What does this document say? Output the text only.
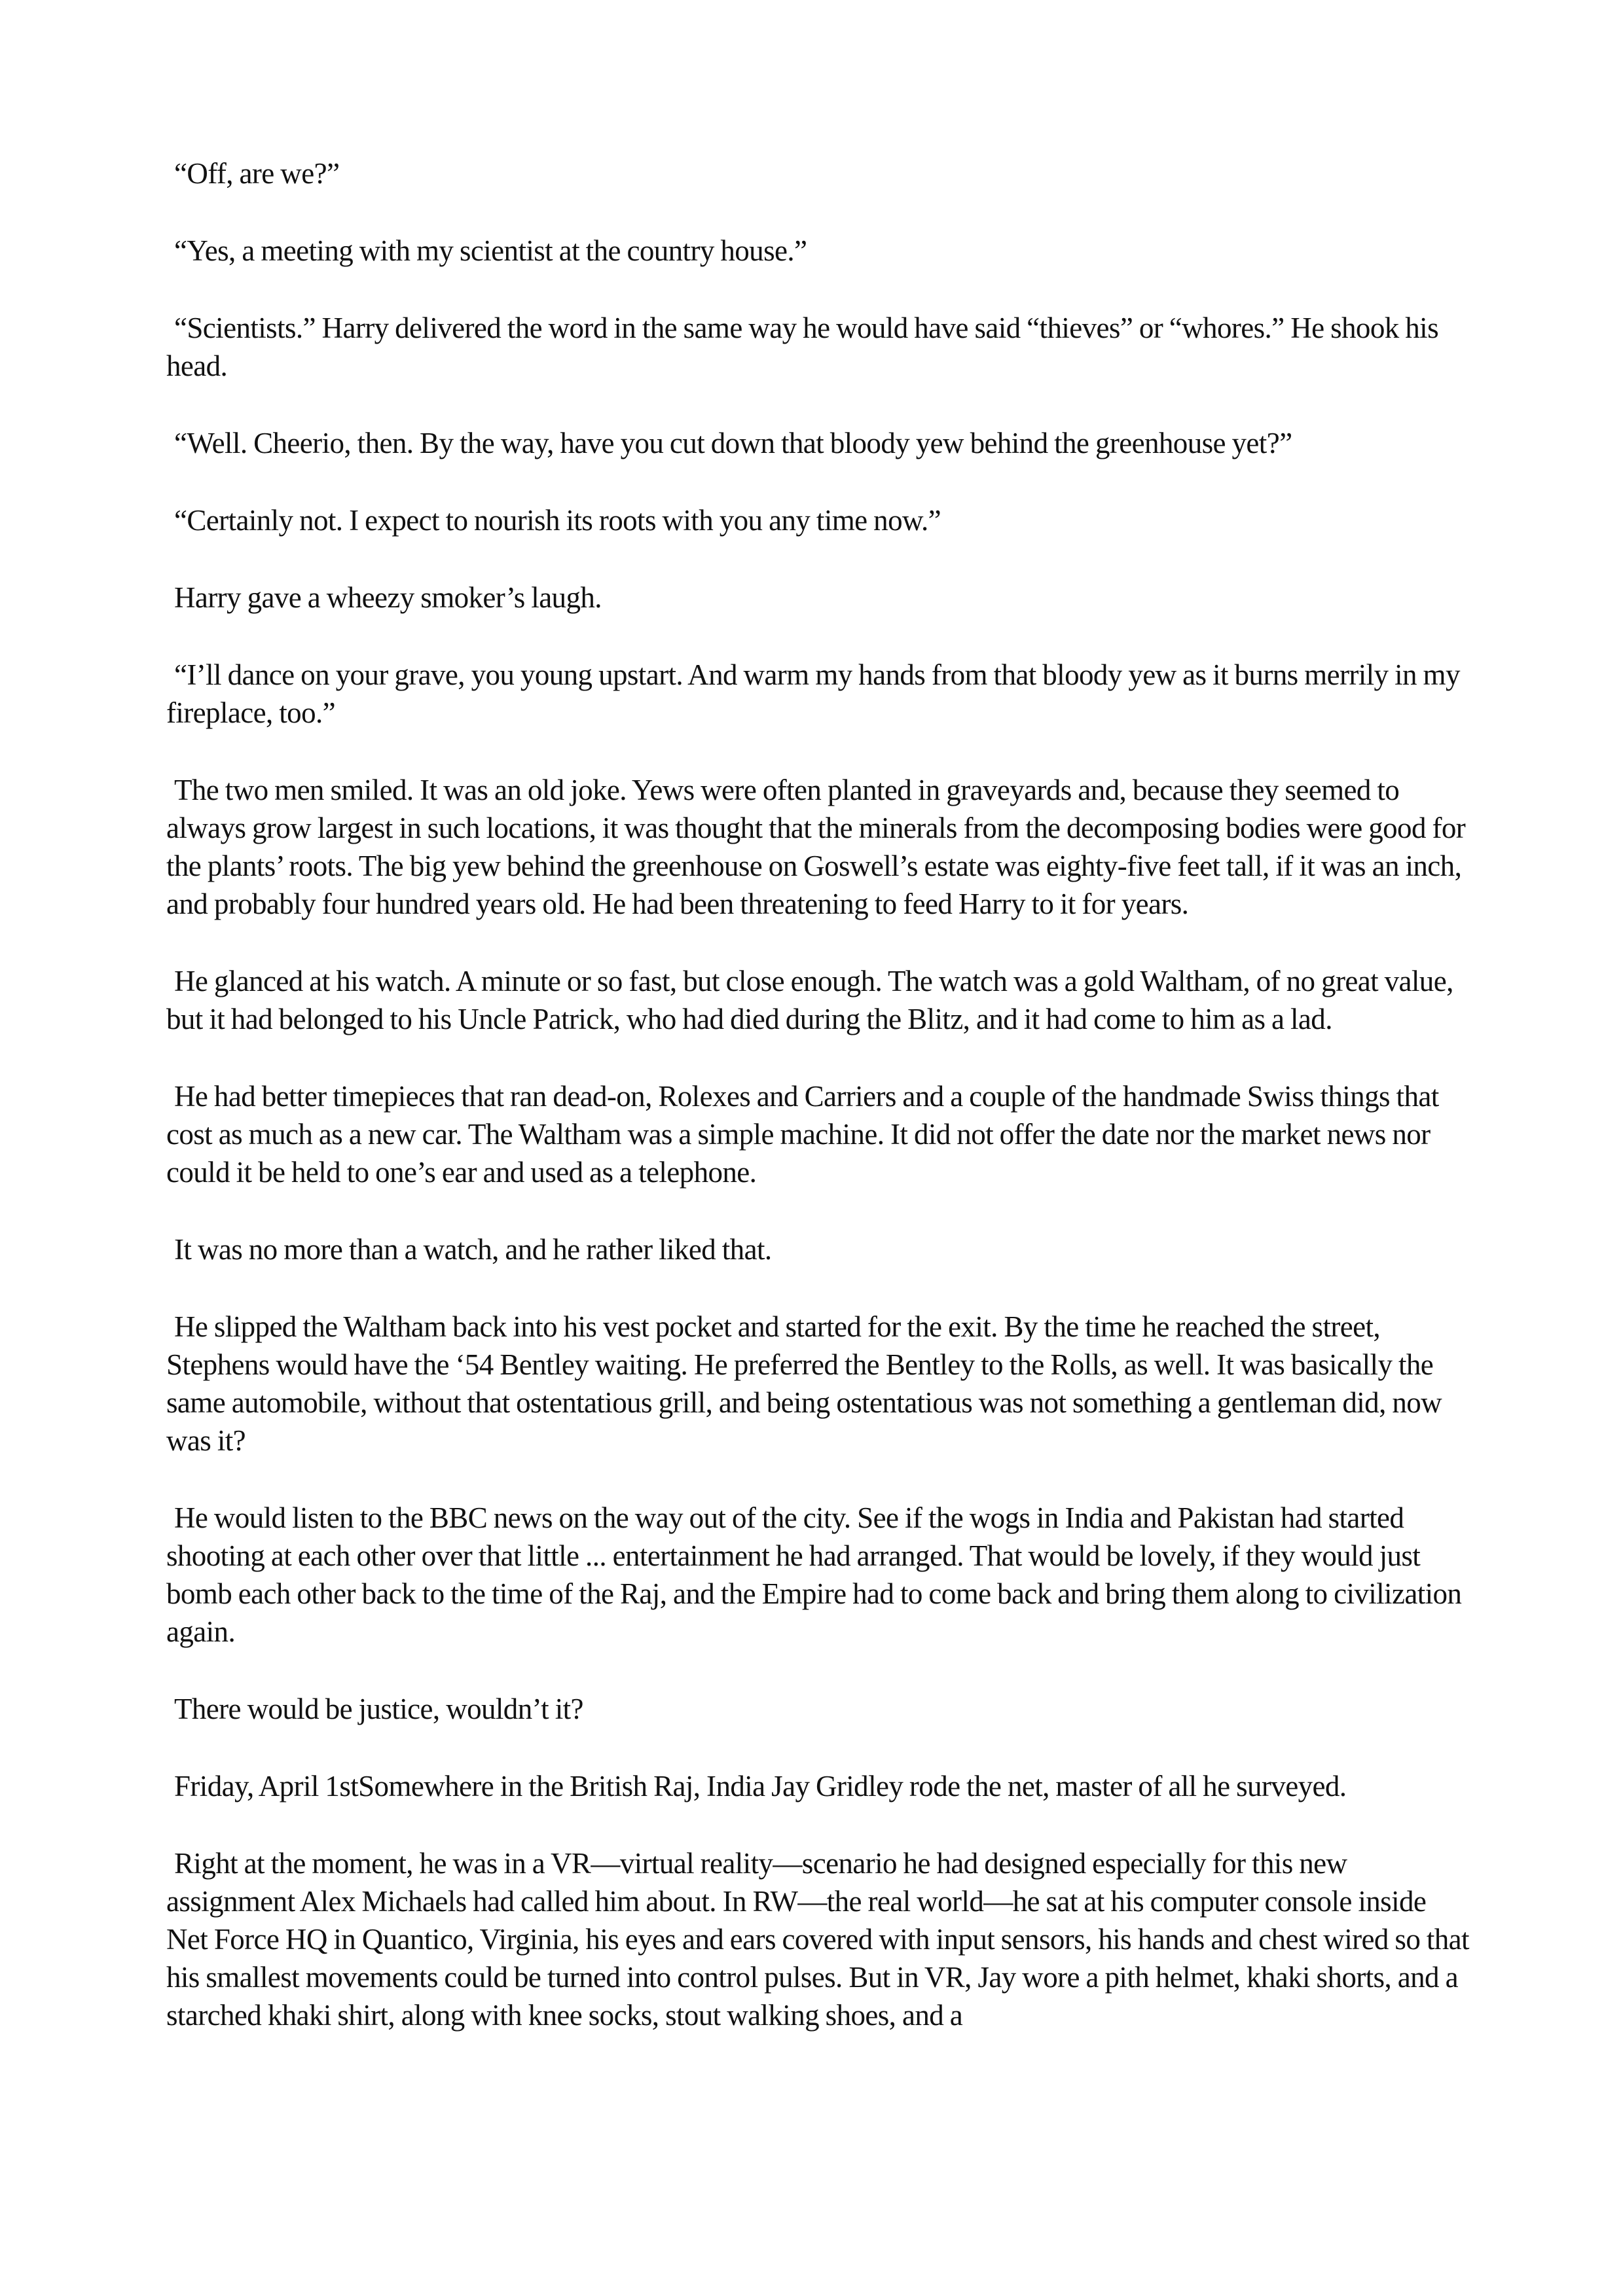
“Off, are we?”

“Yes, a meeting with my scientist at the country house.”

“Scientists.” Harry delivered the word in the same way he would have said “thieves” or “whores.” He shook his head.

“Well. Cheerio, then. By the way, have you cut down that bloody yew behind the greenhouse yet?”

“Certainly not. I expect to nourish its roots with you any time now.”

Harry gave a wheezy smoker’s laugh.

“I’ll dance on your grave, you young upstart. And warm my hands from that bloody yew as it burns merrily in my fireplace, too.”

The two men smiled. It was an old joke. Yews were often planted in graveyards and, because they seemed to always grow largest in such locations, it was thought that the minerals from the decomposing bodies were good for the plants’ roots. The big yew behind the greenhouse on Goswell’s estate was eighty-five feet tall, if it was an inch, and probably four hundred years old. He had been threatening to feed Harry to it for years.

He glanced at his watch. A minute or so fast, but close enough. The watch was a gold Waltham, of no great value, but it had belonged to his Uncle Patrick, who had died during the Blitz, and it had come to him as a lad.

He had better timepieces that ran dead-on, Rolexes and Carriers and a couple of the handmade Swiss things that cost as much as a new car. The Waltham was a simple machine. It did not offer the date nor the market news nor could it be held to one’s ear and used as a telephone.

It was no more than a watch, and he rather liked that.

He slipped the Waltham back into his vest pocket and started for the exit. By the time he reached the street, Stephens would have the ‘54 Bentley waiting. He preferred the Bentley to the Rolls, as well. It was basically the same automobile, without that ostentatious grill, and being ostentatious was not something a gentleman did, now was it?

He would listen to the BBC news on the way out of the city. See if the wogs in India and Pakistan had started shooting at each other over that little ... entertainment he had arranged. That would be lovely, if they would just bomb each other back to the time of the Raj, and the Empire had to come back and bring them along to civilization again.

There would be justice, wouldn’t it?

Friday, April 1stSomewhere in the British Raj, India Jay Gridley rode the net, master of all he surveyed.

Right at the moment, he was in a VR—virtual reality—scenario he had designed especially for this new assignment Alex Michaels had called him about. In RW—the real world—he sat at his computer console inside Net Force HQ in Quantico, Virginia, his eyes and ears covered with input sensors, his hands and chest wired so that his smallest movements could be turned into control pulses. But in VR, Jay wore a pith helmet, khaki shorts, and a starched khaki shirt, along with knee socks, stout walking shoes, and a
